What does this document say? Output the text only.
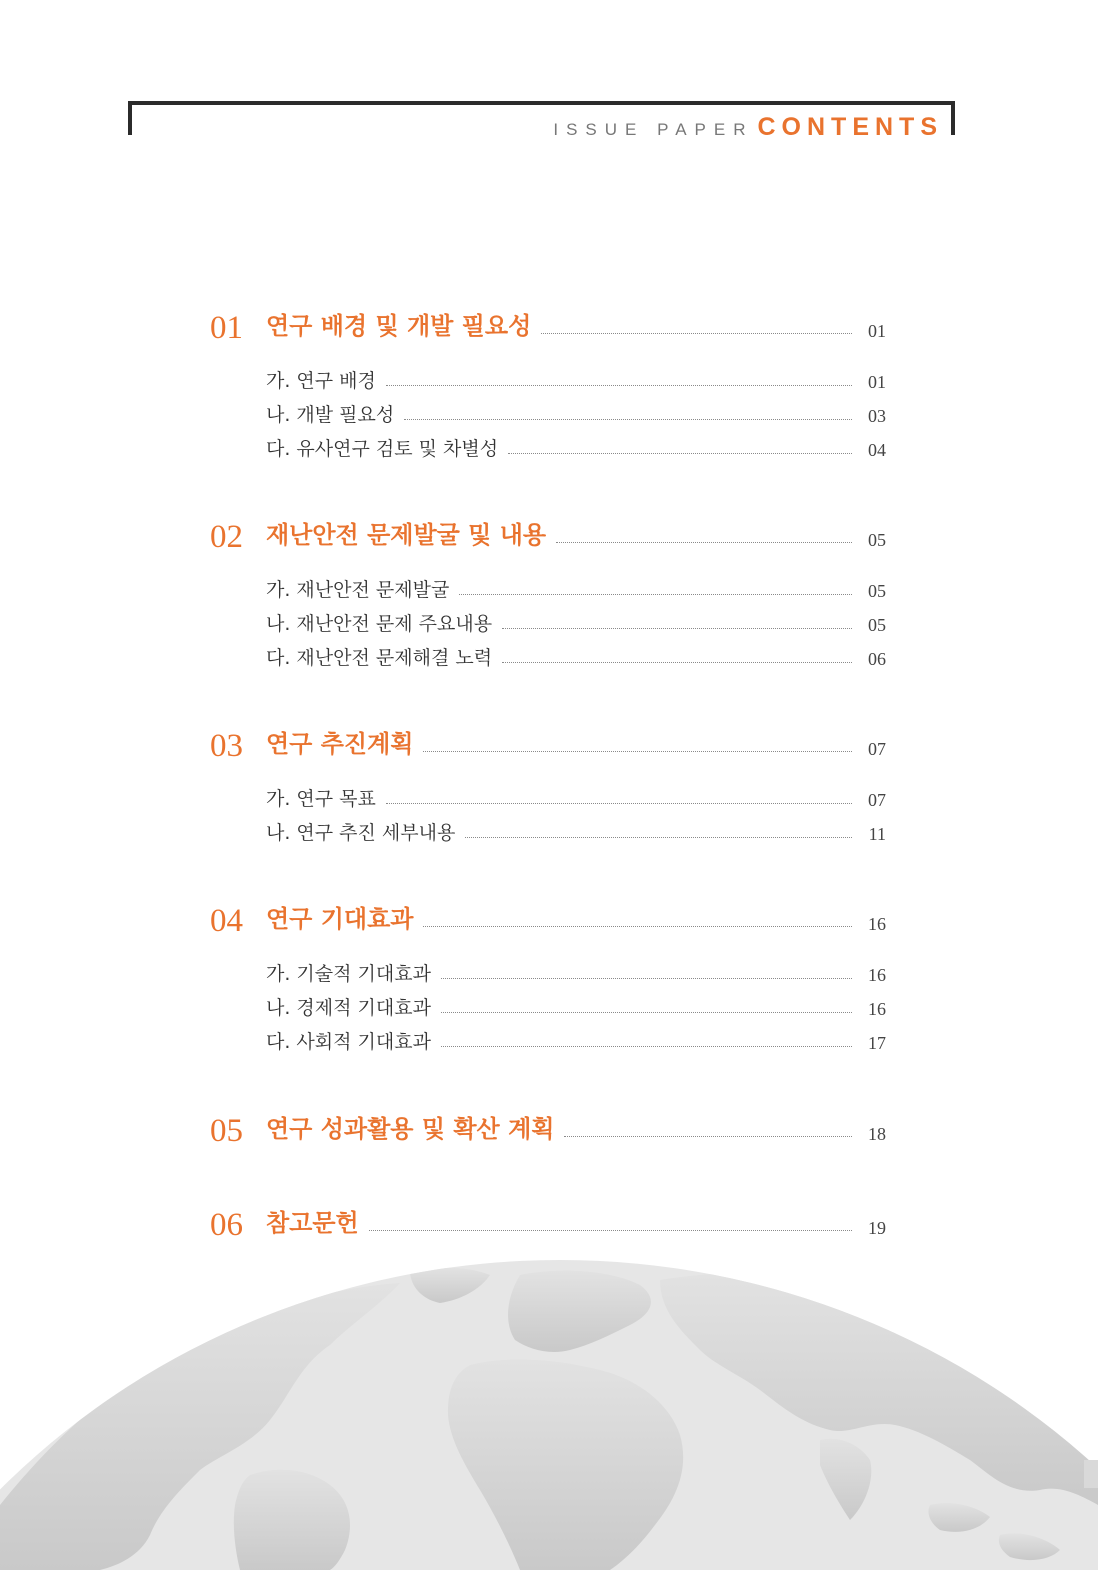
ISSUE PAPER CONTENTS
01 연구 배경 및 개발 필요성	01
가. 연구 배경	01
나. 개발 필요성	03
다. 유사연구 검토 및 차별성	04
02 재난안전 문제발굴 및 내용	05
가. 재난안전 문제발굴	05
나. 재난안전 문제 주요내용	05
다. 재난안전 문제해결 노력	06
03 연구 추진계획	07
가. 연구 목표	07
나. 연구 추진 세부내용	11
04 연구 기대효과	16
가. 기술적 기대효과	16
나. 경제적 기대효과	16
다. 사회적 기대효과	17
05 연구 성과활용 및 확산 계획	18
06 참고문헌	19
